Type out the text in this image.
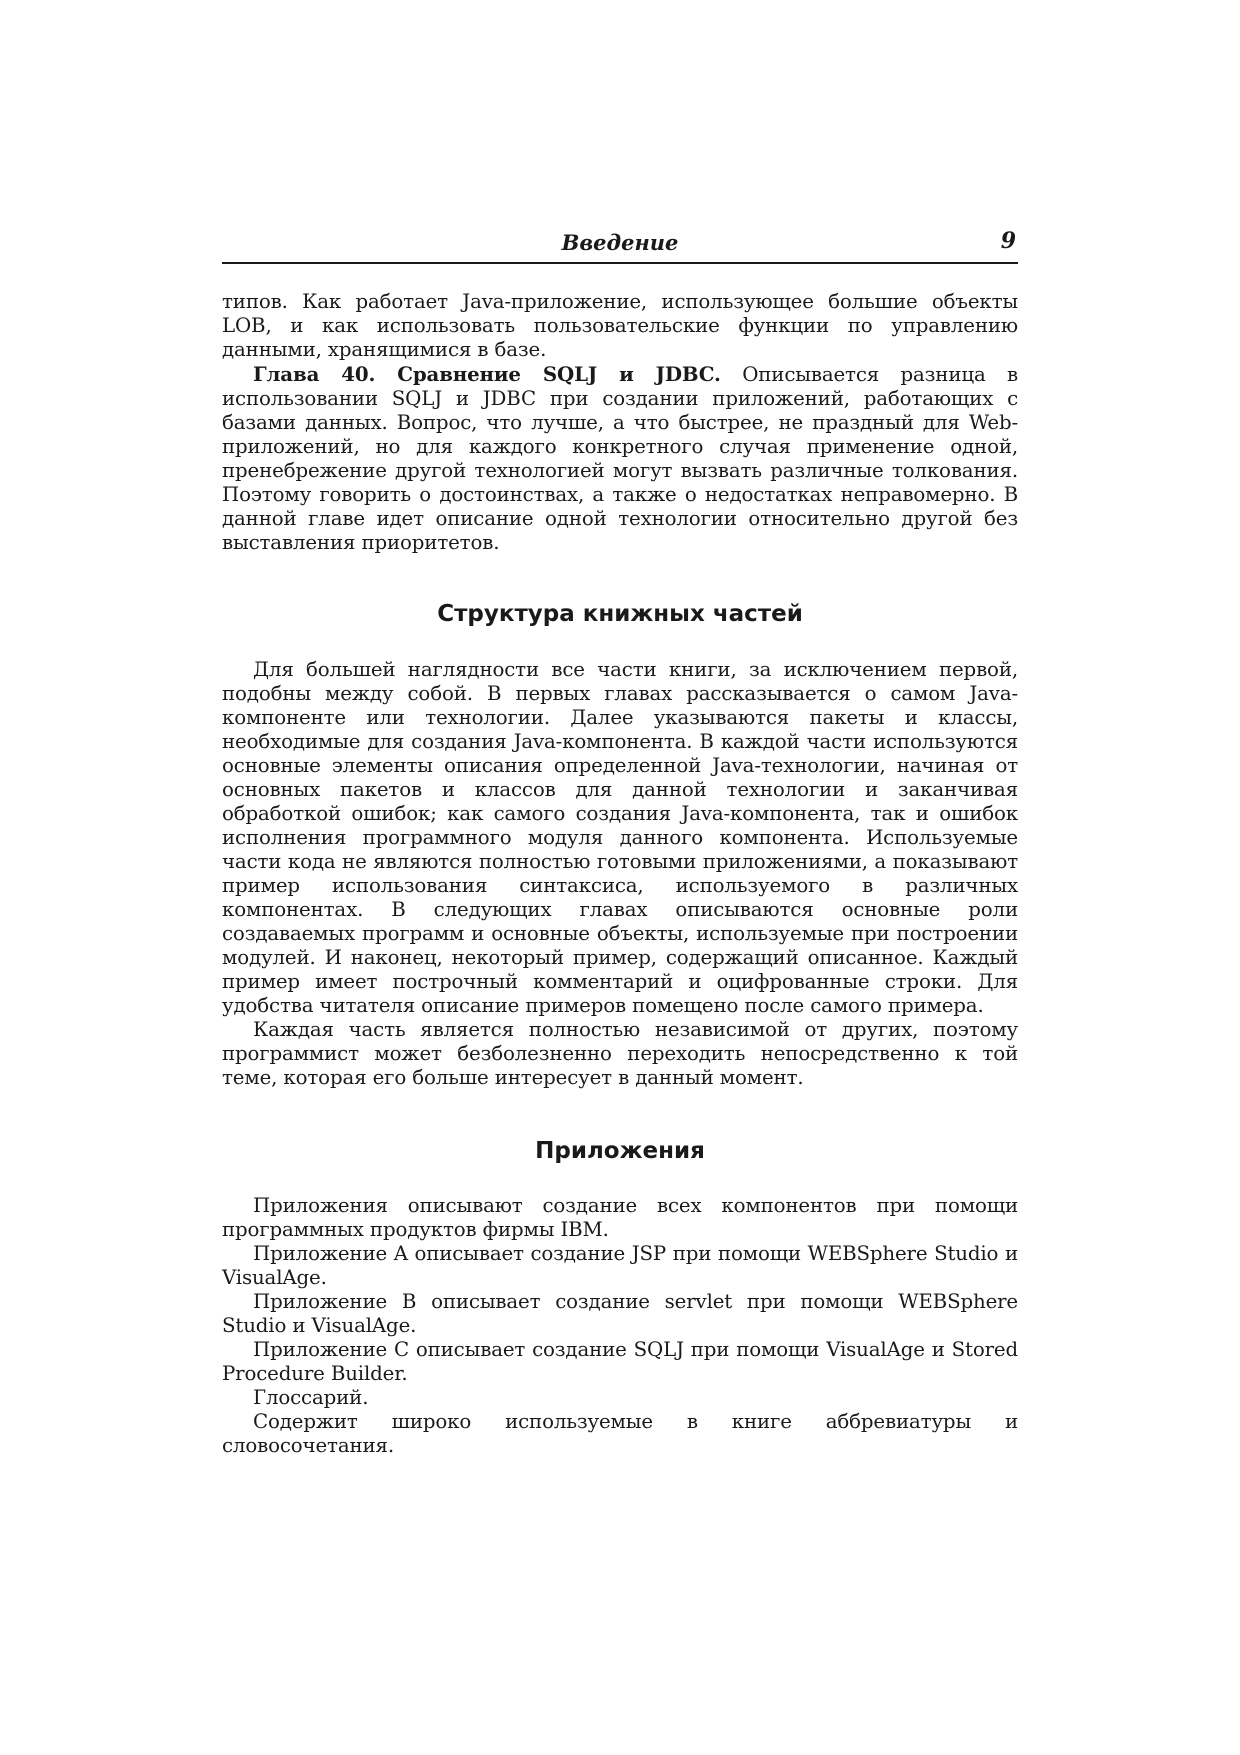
Введение	9

типов. Как работает Java-приложение, использующее большие объекты LOB, и как использовать пользовательские функции по управлению данными, хранящимися в базе.

Глава 40. Сравнение SQLJ и JDBC. Описывается разница в использовании SQLJ и JDBC при создании приложений, работающих с базами данных. Вопрос, что лучше, а что быстрее, не праздный для Web-приложений, но для каждого конкретного случая применение одной, пренебрежение другой технологией могут вызвать различные толкования. Поэтому говорить о достоинствах, а также о недостатках неправомерно. В данной главе идет описание одной технологии относительно другой без выставления приоритетов.

Структура книжных частей

Для большей наглядности все части книги, за исключением первой, подобны между собой. В первых главах рассказывается о самом Java-компоненте или технологии. Далее указываются пакеты и классы, необходимые для создания Java-компонента. В каждой части используются основные элементы описания определенной Java-технологии, начиная от основных пакетов и классов для данной технологии и заканчивая обработкой ошибок; как самого создания Java-компонента, так и ошибок исполнения программного модуля данного компонента. Используемые части кода не являются полностью готовыми приложениями, а показывают пример использования синтаксиса, используемого в различных компонентах. В следующих главах описываются основные роли создаваемых программ и основные объекты, используемые при построении модулей. И наконец, некоторый пример, содержащий описанное. Каждый пример имеет построчный комментарий и оцифрованные строки. Для удобства читателя описание примеров помещено после самого примера.

Каждая часть является полностью независимой от других, поэтому программист может безболезненно переходить непосредственно к той теме, которая его больше интересует в данный момент.

Приложения

Приложения описывают создание всех компонентов при помощи программных продуктов фирмы IBM.

Приложение A описывает создание JSP при помощи WEBSphere Studio и VisualAge.

Приложение B описывает создание servlet при помощи WEBSphere Studio и VisualAge.

Приложение C описывает создание SQLJ при помощи VisualAge и Stored Procedure Builder.

Глоссарий.

Содержит широко используемые в книге аббревиатуры и словосочетания.
